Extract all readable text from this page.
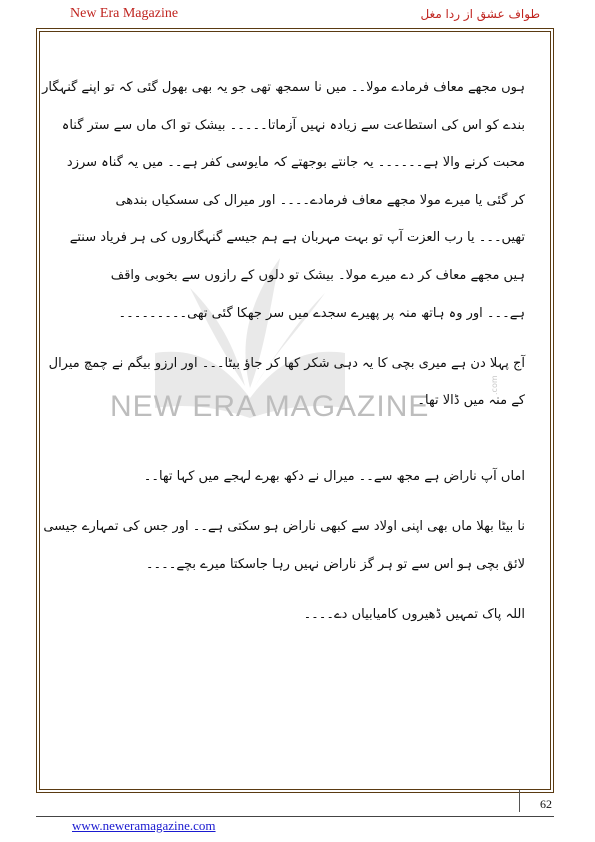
New Era Magazine	طواف عشق از ردا مغل
NEW ERA MAGAZINE
.com
ہوں مجھے معاف فرمادے مولا۔۔ میں نا سمجھ تھی جو یہ بھی بھول گئی کہ تو اپنے گنہگار
بندے کو اس کی استطاعت سے زیادہ نہیں آزماتا۔۔۔۔۔ بیشک تو اک ماں سے ستر گناہ
محبت کرنے والا ہے۔۔۔۔۔۔ یہ جانتے بوجھتے کہ مایوسی کفر ہے۔۔ میں یہ گناہ سرزد
کر گئی یا میرے مولا مجھے معاف فرمادے۔۔۔۔ اور میرال کی سسکیاں بندھی
تھیں۔۔۔ یا رب العزت آپ تو بہت مہربان ہے ہم جیسے گنہگاروں کی ہر فریاد سنتے
ہیں مجھے معاف کر دے میرے مولا۔ بیشک تو دلوں کے رازوں سے بخوبی واقف
ہے۔۔۔ اور وہ ہاتھ منہ پر پھیرے سجدے میں سر جھکا گئی تھی۔۔۔۔۔۔۔۔۔
آج پہلا دن ہے میری بچی کا یہ دہی شکر کھا کر جاؤ بیٹا۔۔۔ اور ارزو بیگم نے چمچ میرال
کے منہ میں ڈالا تھا۔
اماں آپ ناراض ہے مجھ سے۔۔ میرال نے دکھ بھرے لہجے میں کہا تھا۔۔
نا بیٹا بھلا ماں بھی اپنی اولاد سے کبھی ناراض ہو سکتی ہے۔۔ اور جس کی تمہارے جیسی
لائق بچی ہو اس سے تو ہر گز ناراض نہیں رہا جاسکتا میرے بچے۔۔۔۔
اللہ پاک تمہیں ڈھیروں کامیابیاں دے۔۔۔۔
62
www.neweramagazine.com
